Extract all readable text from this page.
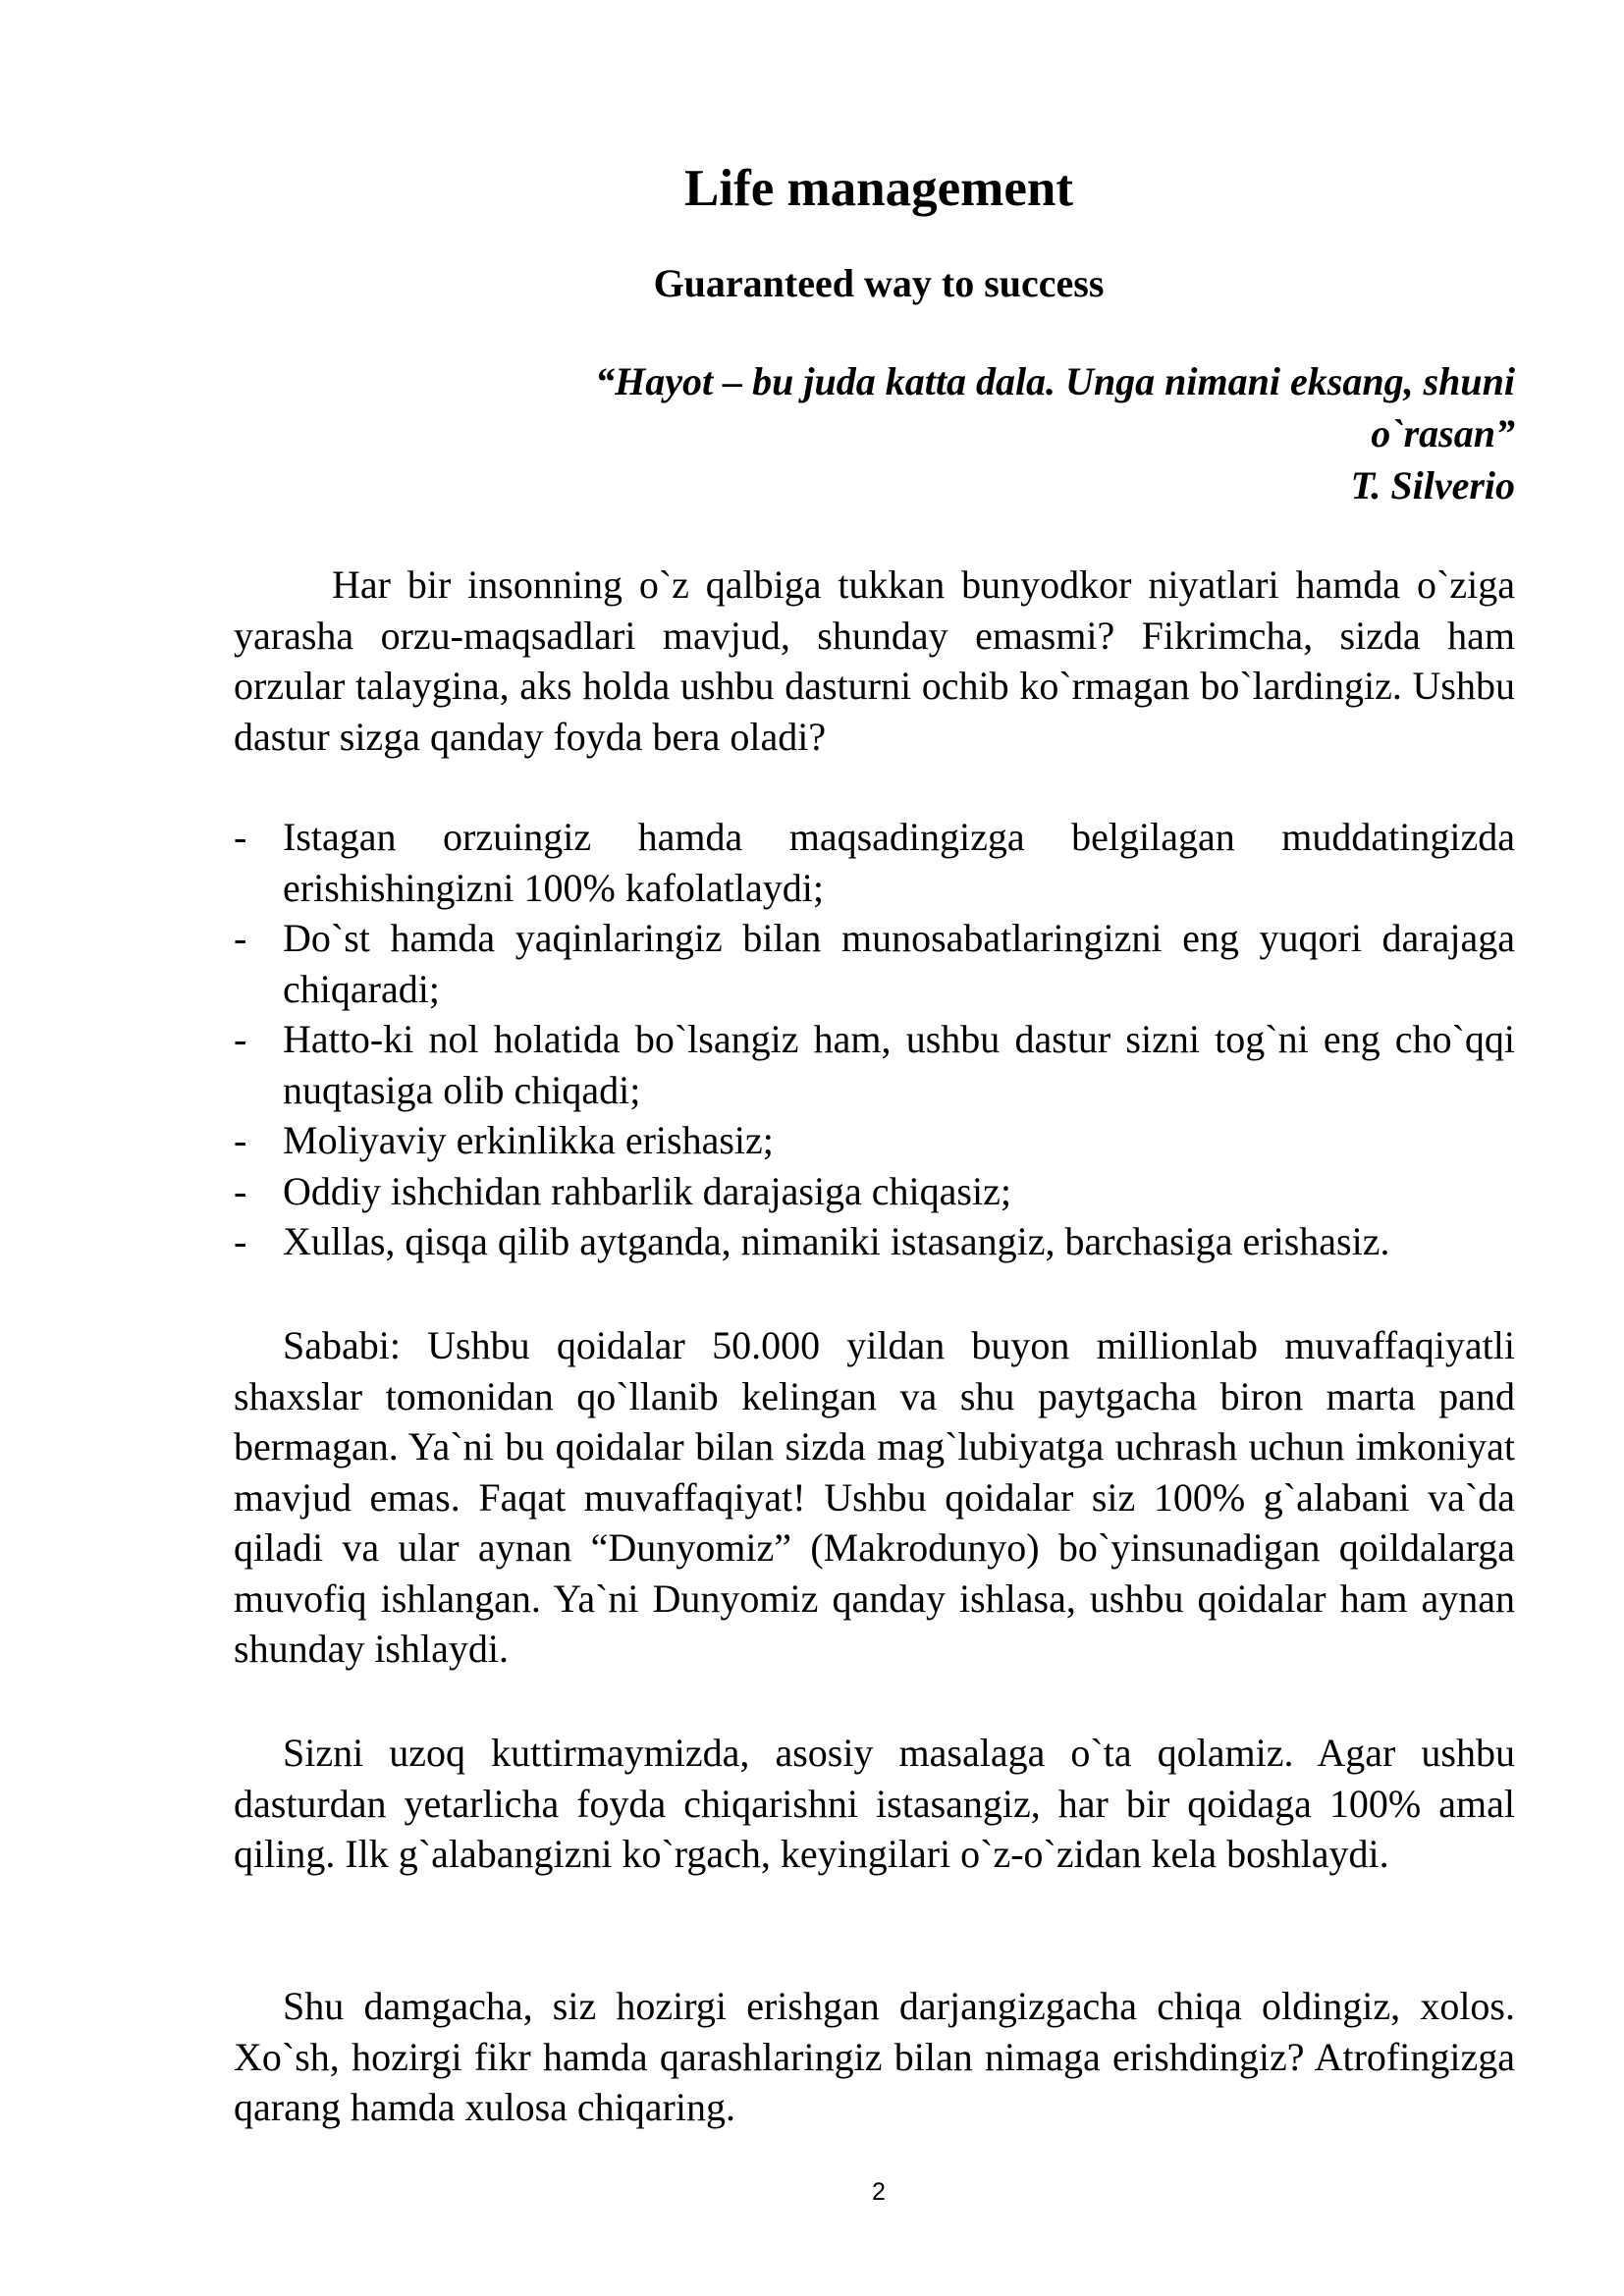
Life management
Guaranteed way to success
“Hayot – bu juda katta dala. Unga nimani eksang, shuni
o`rasan”
T. Silverio

Har bir insonning o`z qalbiga tukkan bunyodkor niyatlari hamda o`ziga yarasha orzu-maqsadlari mavjud, shunday emasmi? Fikrimcha, sizda ham orzular talaygina, aks holda ushbu dasturni ochib ko`rmagan bo`lardingiz. Ushbu dastur sizga qanday foyda bera oladi?

- Istagan orzuingiz hamda maqsadingizga belgilagan muddatingizda erishishingizni 100% kafolatlaydi;
- Do`st hamda yaqinlaringiz bilan munosabatlaringizni eng yuqori darajaga chiqaradi;
- Hatto-ki nol holatida bo`lsangiz ham, ushbu dastur sizni tog`ni eng cho`qqi nuqtasiga olib chiqadi;
- Moliyaviy erkinlikka erishasiz;
- Oddiy ishchidan rahbarlik darajasiga chiqasiz;
- Xullas, qisqa qilib aytganda, nimaniki istasangiz, barchasiga erishasiz.

Sababi: Ushbu qoidalar 50.000 yildan buyon millionlab muvaffaqiyatli shaxslar tomonidan qo`llanib kelingan va shu paytgacha biron marta pand bermagan. Ya`ni bu qoidalar bilan sizda mag`lubiyatga uchrash uchun imkoniyat mavjud emas. Faqat muvaffaqiyat! Ushbu qoidalar siz 100% g`alabani va`da qiladi va ular aynan “Dunyomiz” (Makrodunyo) bo`yinsunadigan qoildalarga muvofiq ishlangan. Ya`ni Dunyomiz qanday ishlasa, ushbu qoidalar ham aynan shunday ishlaydi.

Sizni uzoq kuttirmaymizda, asosiy masalaga o`ta qolamiz. Agar ushbu dasturdan yetarlicha foyda chiqarishni istasangiz, har bir qoidaga 100% amal qiling. Ilk g`alabangizni ko`rgach, keyingilari o`z-o`zidan kela boshlaydi.

Shu damgacha, siz hozirgi erishgan darjangizgacha chiqa oldingiz, xolos. Xo`sh, hozirgi fikr hamda qarashlaringiz bilan nimaga erishdingiz? Atrofingizga qarang hamda xulosa chiqaring.

2
